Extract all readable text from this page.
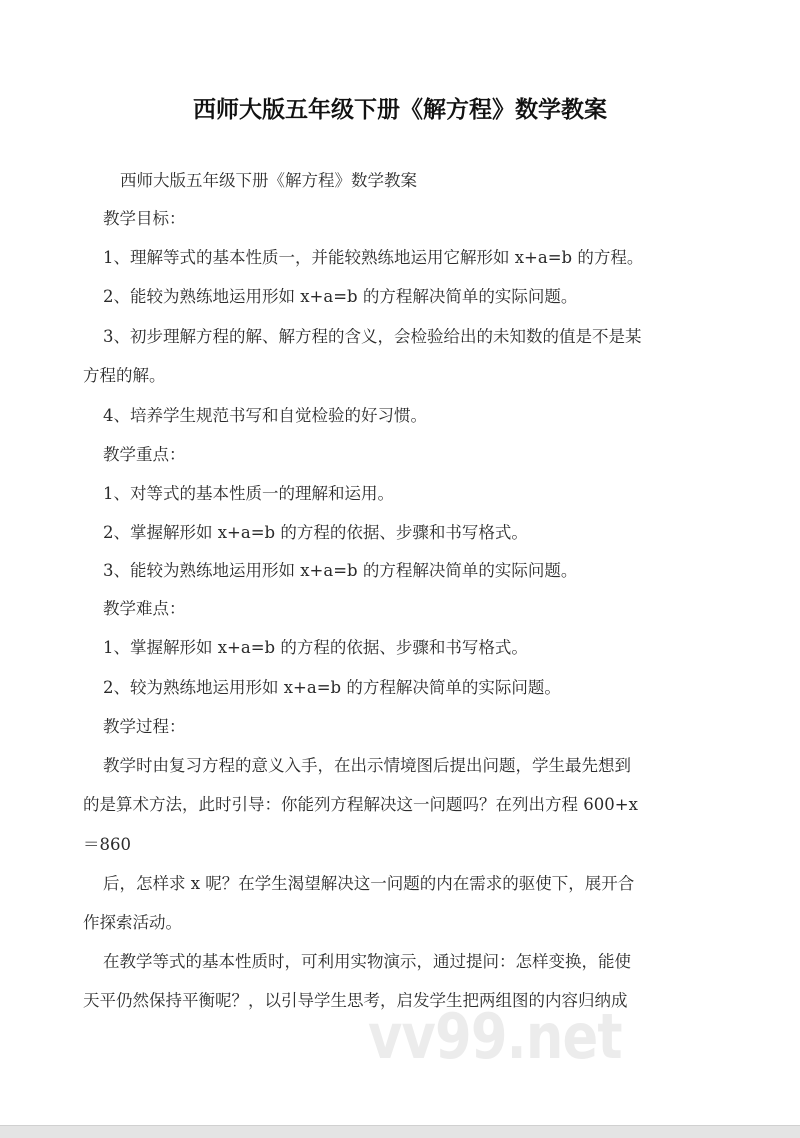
西师大版五年级下册《解方程》数学教案
西师大版五年级下册《解方程》数学教案
教学目标：
1、理解等式的基本性质一，并能较熟练地运用它解形如 x+a=b 的方程。
2、能较为熟练地运用形如 x+a=b 的方程解决简单的实际问题。
3、初步理解方程的解、解方程的含义，会检验给出的未知数的值是不是某
方程的解。
4、培养学生规范书写和自觉检验的好习惯。
教学重点：
1、对等式的基本性质一的理解和运用。
2、掌握解形如 x+a=b 的方程的依据、步骤和书写格式。
3、能较为熟练地运用形如 x+a=b 的方程解决简单的实际问题。
教学难点：
1、掌握解形如 x+a=b 的方程的依据、步骤和书写格式。
2、较为熟练地运用形如 x+a=b 的方程解决简单的实际问题。
教学过程：
教学时由复习方程的意义入手，在出示情境图后提出问题，学生最先想到
的是算术方法，此时引导：你能列方程解决这一问题吗？在列出方程 600+x
＝860
后，怎样求 x 呢？在学生渴望解决这一问题的内在需求的驱使下，展开合
作探索活动。
在教学等式的基本性质时，可利用实物演示，通过提问：怎样变换，能使
天平仍然保持平衡呢？，以引导学生思考，启发学生把两组图的内容归纳成
vv99.net
